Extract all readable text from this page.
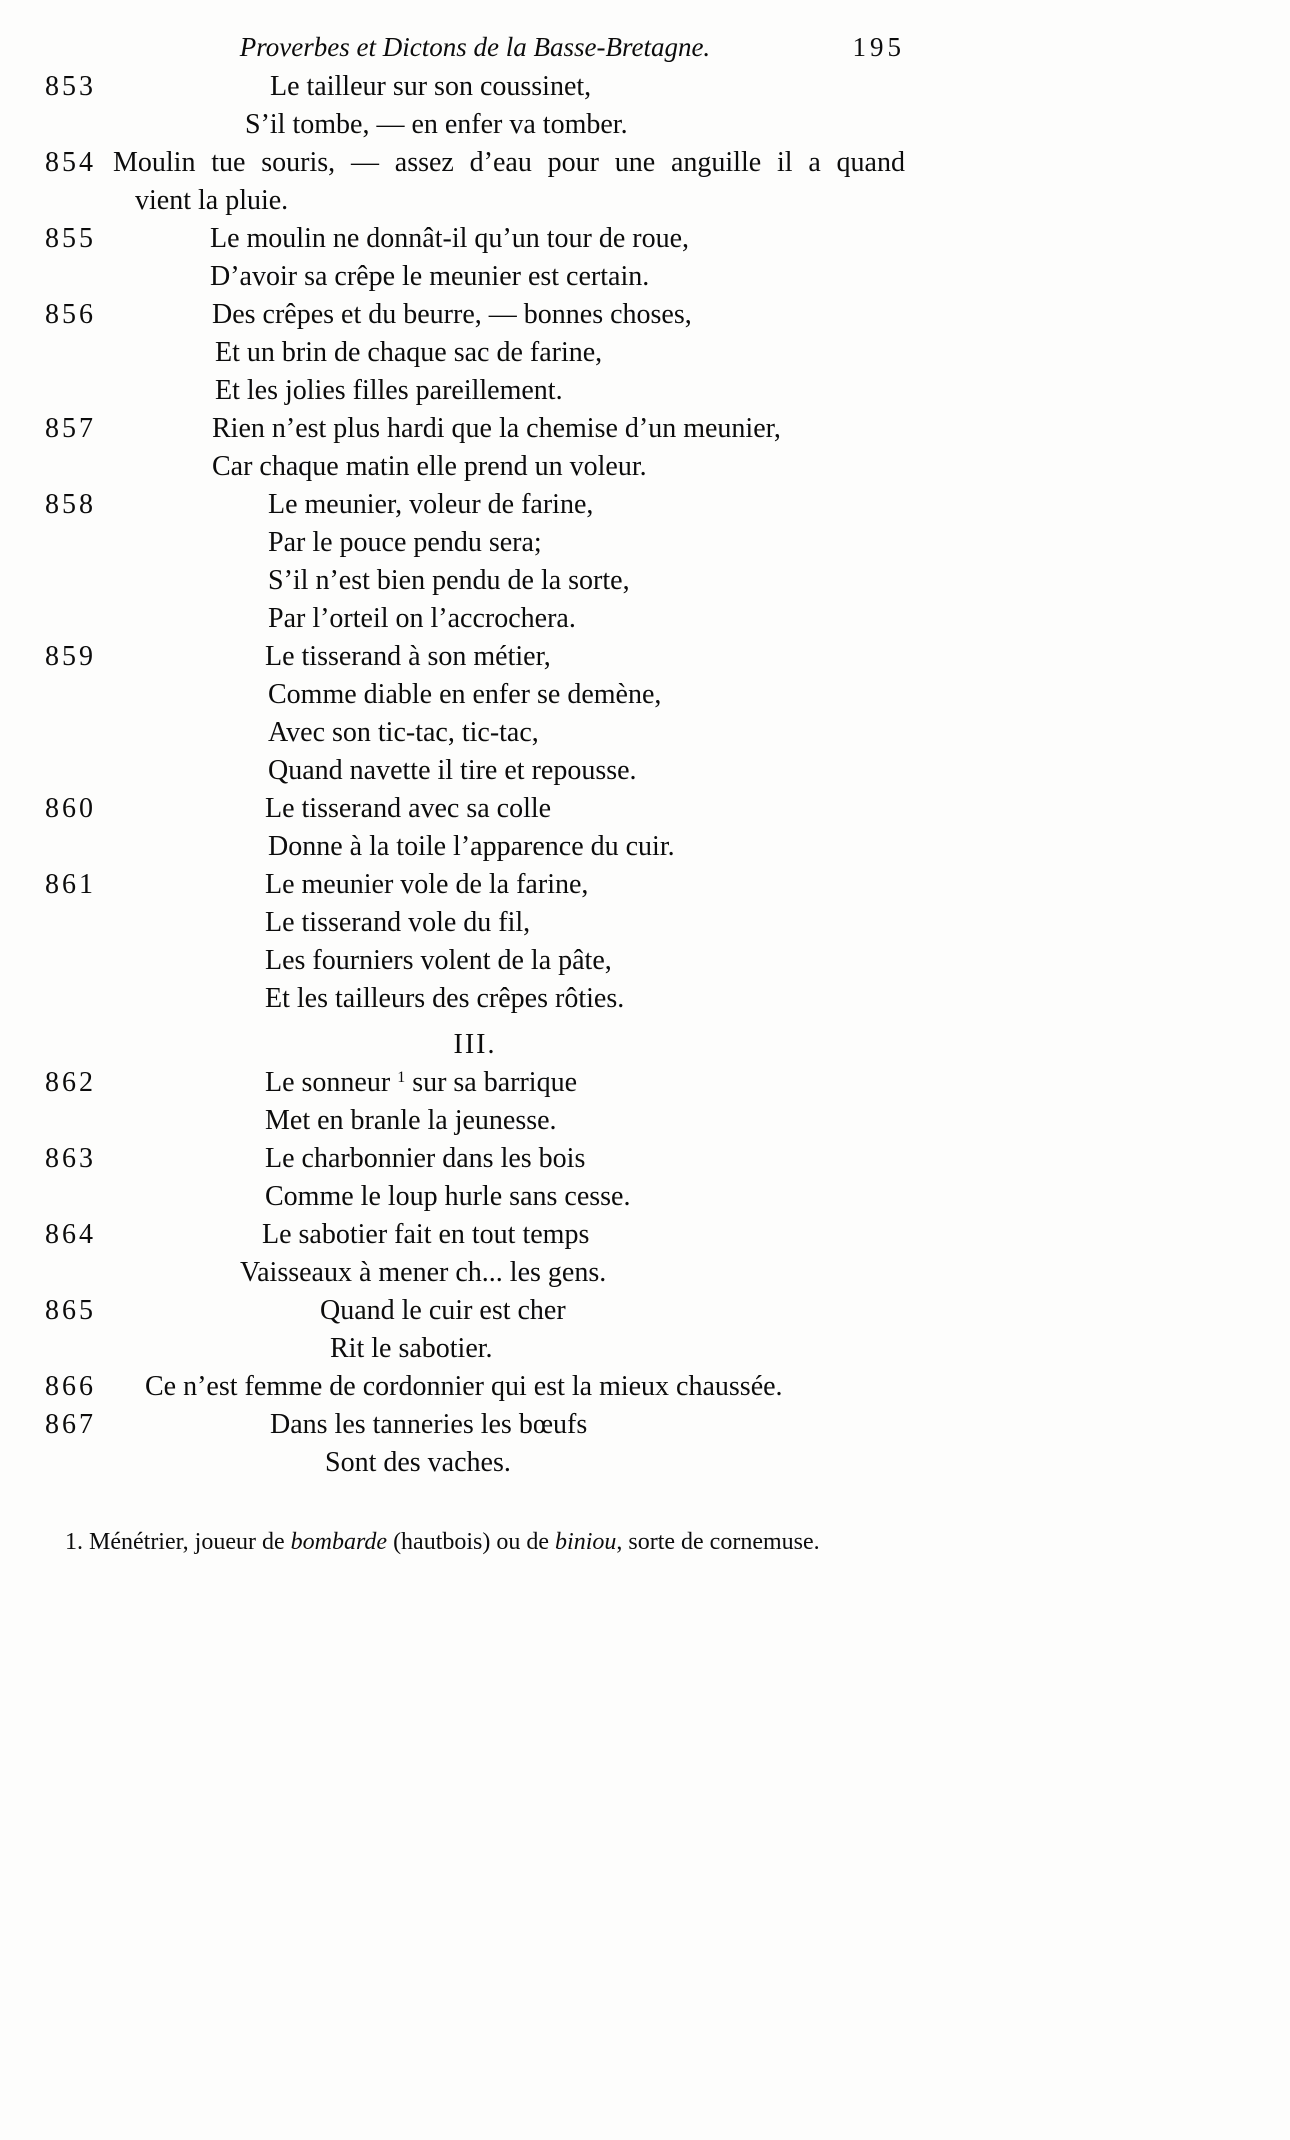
Proverbes et Dictons de la Basse-Bretagne.	195
853	Le tailleur sur son coussinet,
S’il tombe, — en enfer va tomber.
854 Moulin tue souris, — assez d’eau pour une anguille il a quand
vient la pluie.
855	Le moulin ne donnât-il qu’un tour de roue,
D’avoir sa crêpe le meunier est certain.
856	Des crêpes et du beurre, — bonnes choses,
Et un brin de chaque sac de farine,
Et les jolies filles pareillement.
857	Rien n’est plus hardi que la chemise d’un meunier,
Car chaque matin elle prend un voleur.
858	Le meunier, voleur de farine,
Par le pouce pendu sera;
S’il n’est bien pendu de la sorte,
Par l’orteil on l’accrochera.
859	Le tisserand à son métier,
Comme diable en enfer se demène,
Avec son tic-tac, tic-tac,
Quand navette il tire et repousse.
860	Le tisserand avec sa colle
Donne à la toile l’apparence du cuir.
861	Le meunier vole de la farine,
Le tisserand vole du fil,
Les fourniers volent de la pâte,
Et les tailleurs des crêpes rôties.
III.
862	Le sonneur $^1$ sur sa barrique
Met en branle la jeunesse.
863	Le charbonnier dans les bois
Comme le loup hurle sans cesse.
864	Le sabotier fait en tout temps
Vaisseaux à mener ch... les gens.
865	Quand le cuir est cher
Rit le sabotier.
866 Ce n’est femme de cordonnier qui est la mieux chaussée.
867	Dans les tanneries les bœufs
Sont des vaches.
1. Ménétrier, joueur de bombarde (hautbois) ou de biniou, sorte de cornemuse.
